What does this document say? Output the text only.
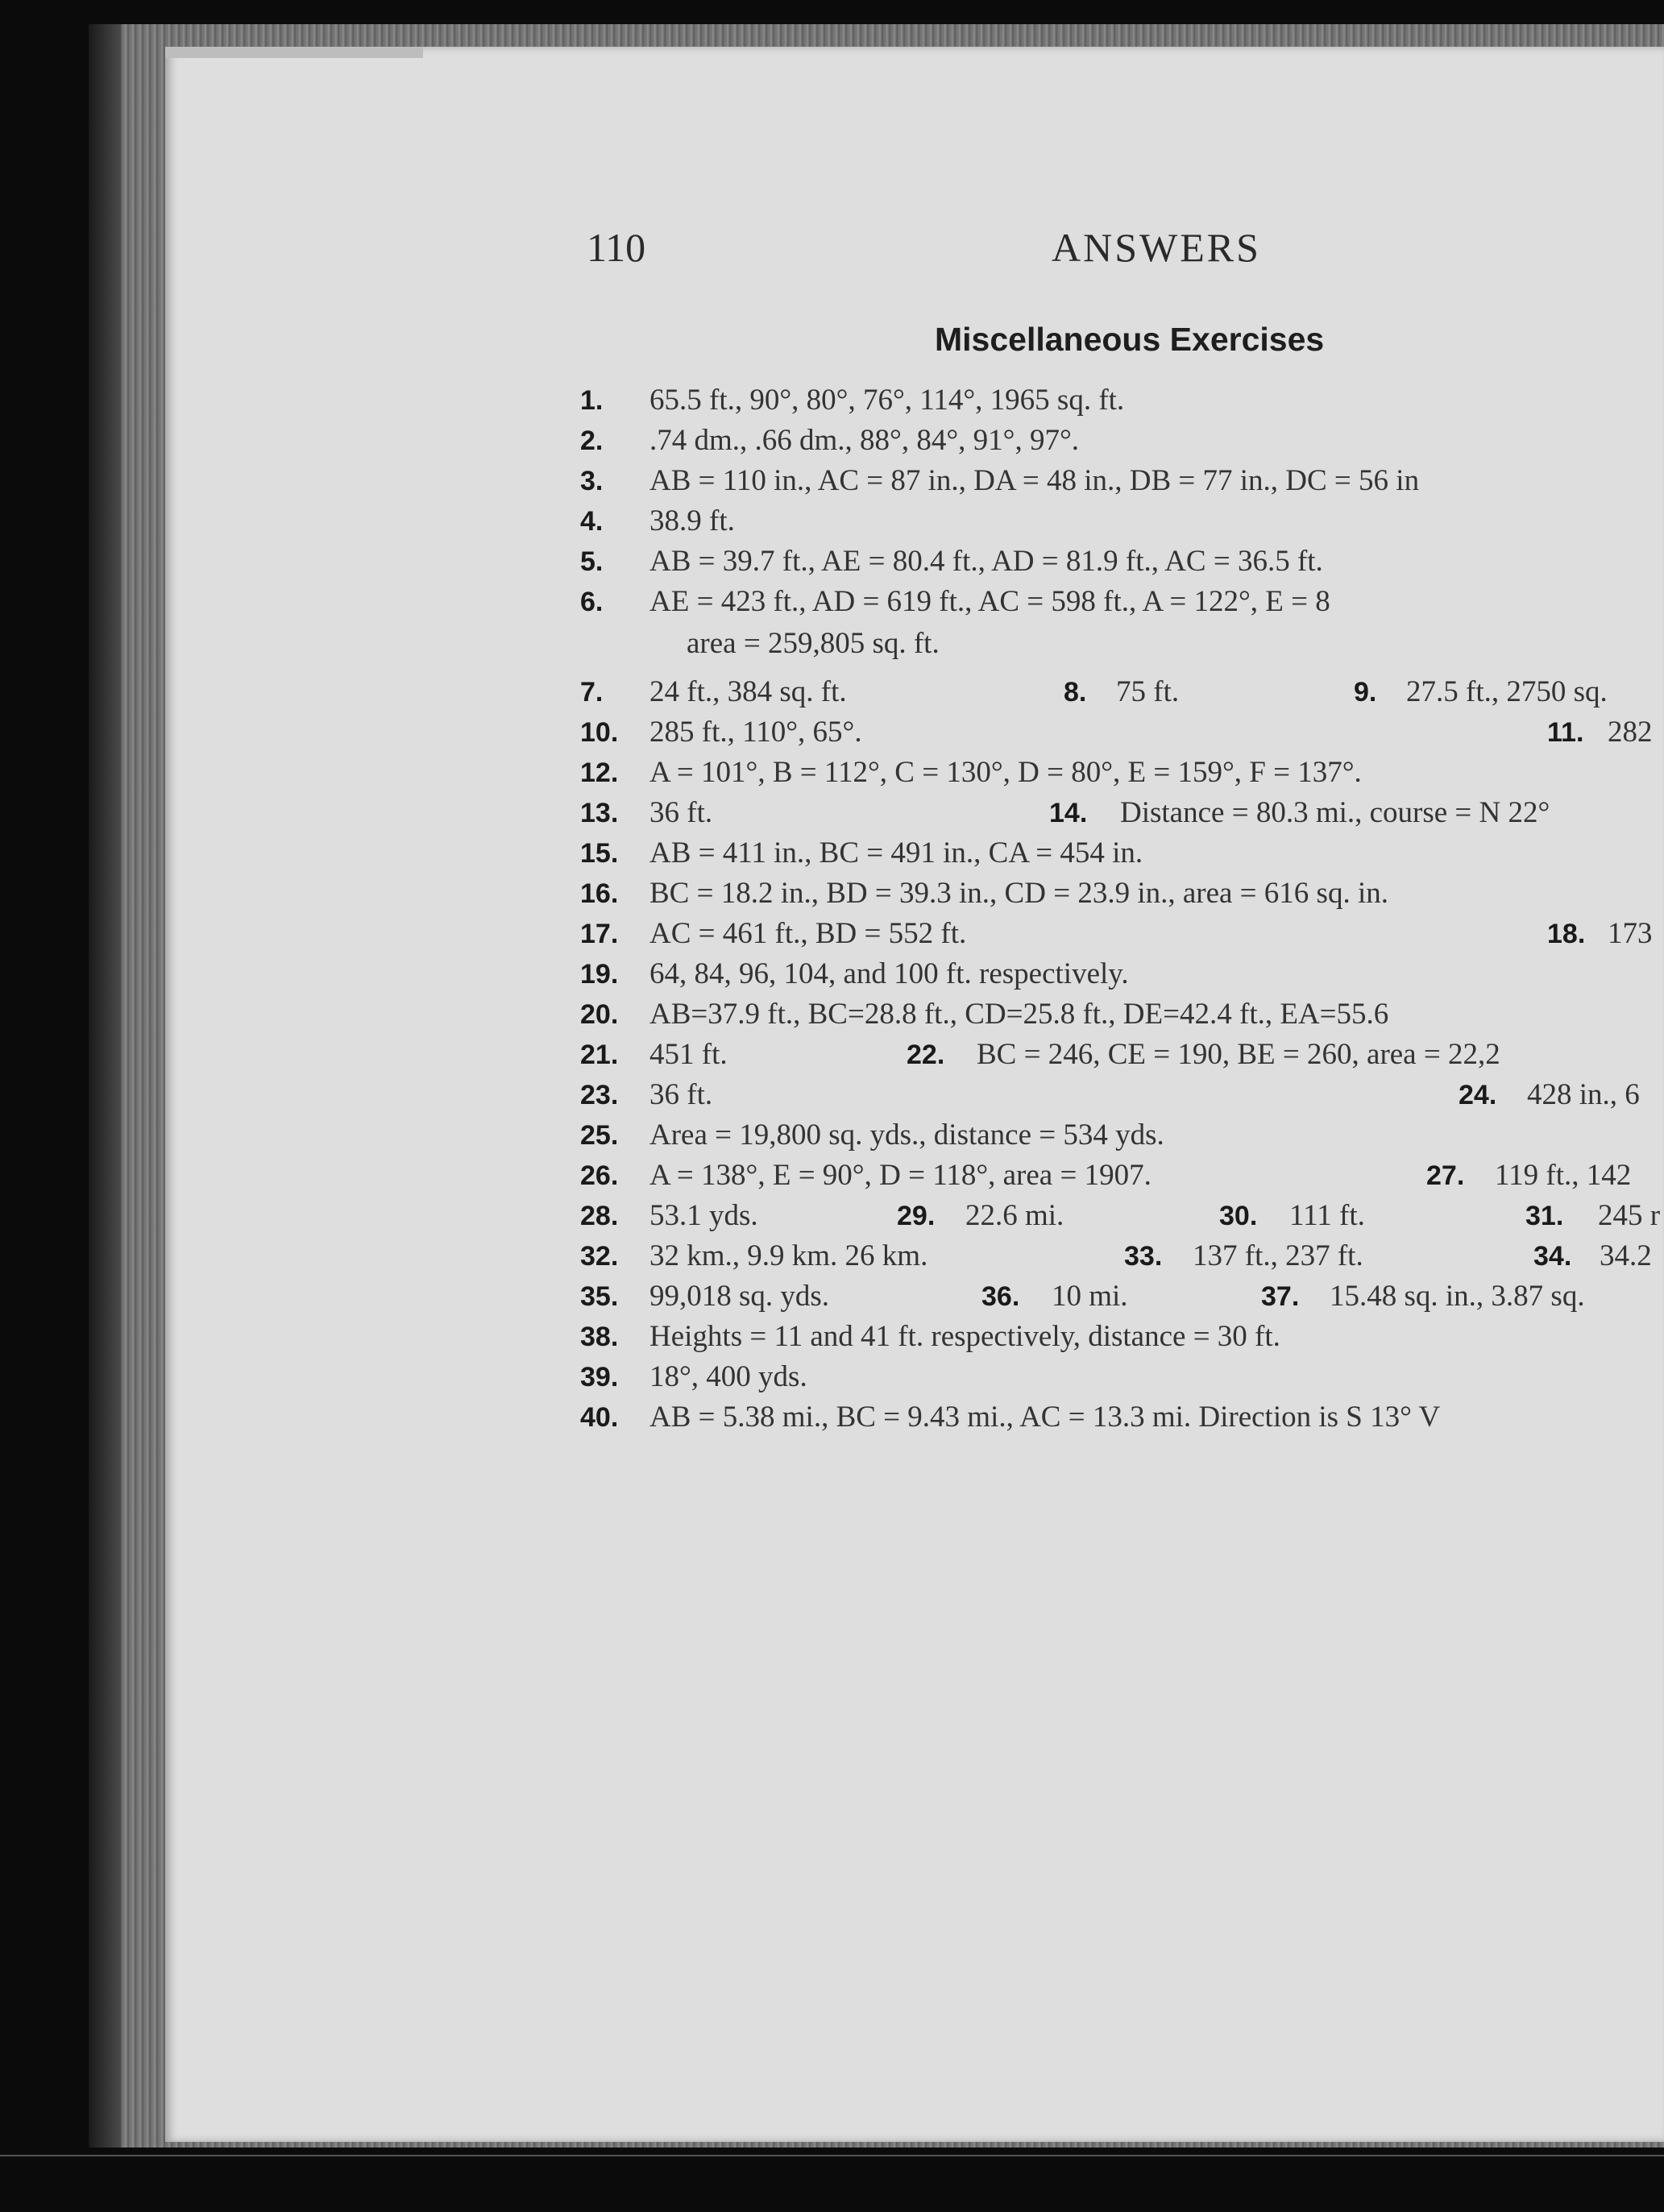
110	ANSWERS
Miscellaneous Exercises
1. 65.5 ft., 90°, 80°, 76°, 114°, 1965 sq. ft.
2. .74 dm., .66 dm., 88°, 84°, 91°, 97°.
3. AB = 110 in., AC = 87 in., DA = 48 in., DB = 77 in., DC = 56 in
4. 38.9 ft.
5. AB = 39.7 ft., AE = 80.4 ft., AD = 81.9 ft., AC = 36.5 ft.
6. AE = 423 ft., AD = 619 ft., AC = 598 ft., A = 122°, E = 8
area = 259,805 sq. ft.
7. 24 ft., 384 sq. ft.	8. 75 ft.	9. 27.5 ft., 2750 sq.
10. 285 ft., 110°, 65°.	11. 282
12. A = 101°, B = 112°, C = 130°, D = 80°, E = 159°, F = 137°.
13. 36 ft.	14. Distance = 80.3 mi., course = N 22°
15. AB = 411 in., BC = 491 in., CA = 454 in.
16. BC = 18.2 in., BD = 39.3 in., CD = 23.9 in., area = 616 sq. in.
17. AC = 461 ft., BD = 552 ft.	18. 173
19. 64, 84, 96, 104, and 100 ft. respectively.
20. AB=37.9 ft., BC=28.8 ft., CD=25.8 ft., DE=42.4 ft., EA=55.6
21. 451 ft.	22. BC = 246, CE = 190, BE = 260, area = 22,2
23. 36 ft.	24. 428 in., 6
25. Area = 19,800 sq. yds., distance = 534 yds.
26. A = 138°, E = 90°, D = 118°, area = 1907.	27. 119 ft., 142
28. 53.1 yds.	29. 22.6 mi.	30. 111 ft.	31. 245 r
32. 32 km., 9.9 km. 26 km.	33. 137 ft., 237 ft.	34. 34.2
35. 99,018 sq. yds.	36. 10 mi.	37. 15.48 sq. in., 3.87 sq.
38. Heights = 11 and 41 ft. respectively, distance = 30 ft.
39. 18°, 400 yds.
40. AB = 5.38 mi., BC = 9.43 mi., AC = 13.3 mi. Direction is S 13° V
